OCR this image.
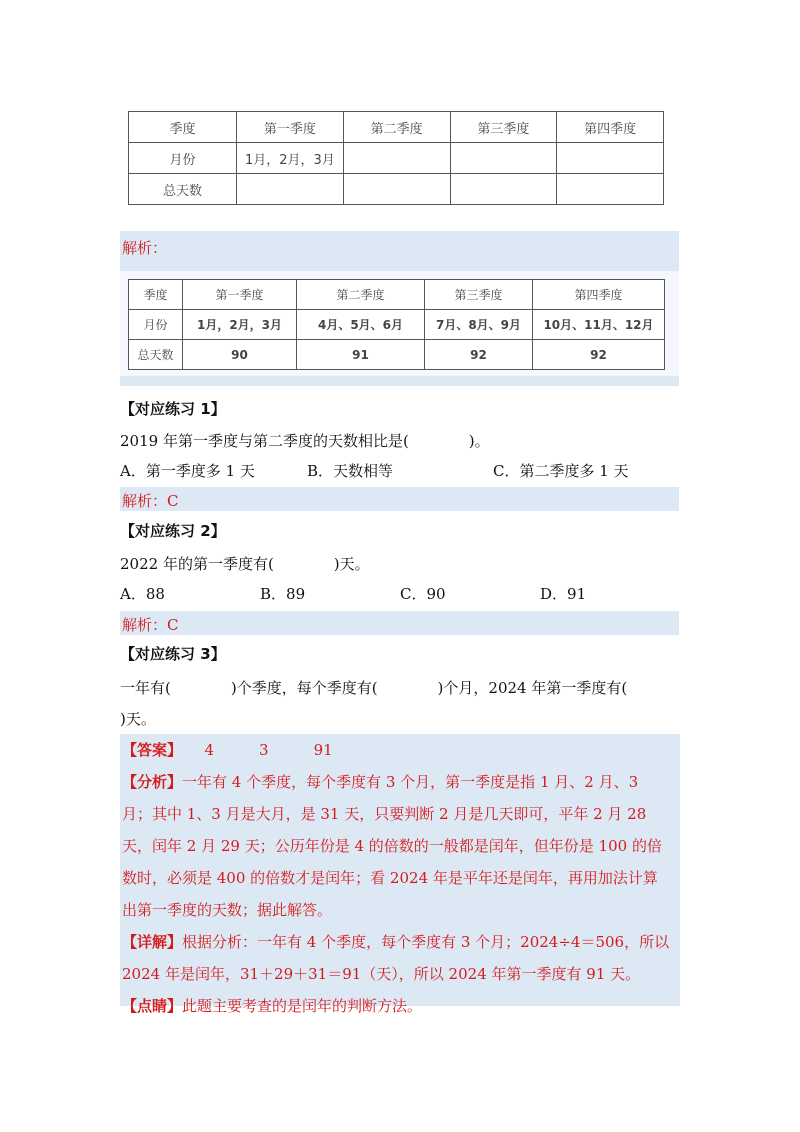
季度	第一季度	第二季度	第三季度	第四季度
月份	1月，2月，3月			
总天数				
解析：
季度	第一季度	第二季度	第三季度	第四季度
月份	1月，2月，3月	4月、5月、6月	7月、8月、9月	10月、11月、12月
总天数	90	91	92	92
【对应练习 1】
2019 年第一季度与第二季度的天数相比是(　　　　)。
A．第一季度多 1 天	B．天数相等	C．第二季度多 1 天
解析：C
【对应练习 2】
2022 年的第一季度有(　　　　)天。
A．88	B．89	C．90	D．91
解析：C
【对应练习 3】
一年有(　　　　)个季度，每个季度有(　　　　)个月，2024 年第一季度有(
)天。
【答案】　　4　　　3　　　91
【分析】一年有 4 个季度，每个季度有 3 个月，第一季度是指 1 月、2 月、3
月；其中 1、3 月是大月，是 31 天，只要判断 2 月是几天即可，平年 2 月 28
天，闰年 2 月 29 天；公历年份是 4 的倍数的一般都是闰年，但年份是 100 的倍
数时，必须是 400 的倍数才是闰年；看 2024 年是平年还是闰年，再用加法计算
出第一季度的天数；据此解答。
【详解】根据分析：一年有 4 个季度，每个季度有 3 个月；2024÷4＝506，所以
2024 年是闰年，31＋29＋31＝91（天），所以 2024 年第一季度有 91 天。
【点睛】此题主要考查的是闰年的判断方法。
